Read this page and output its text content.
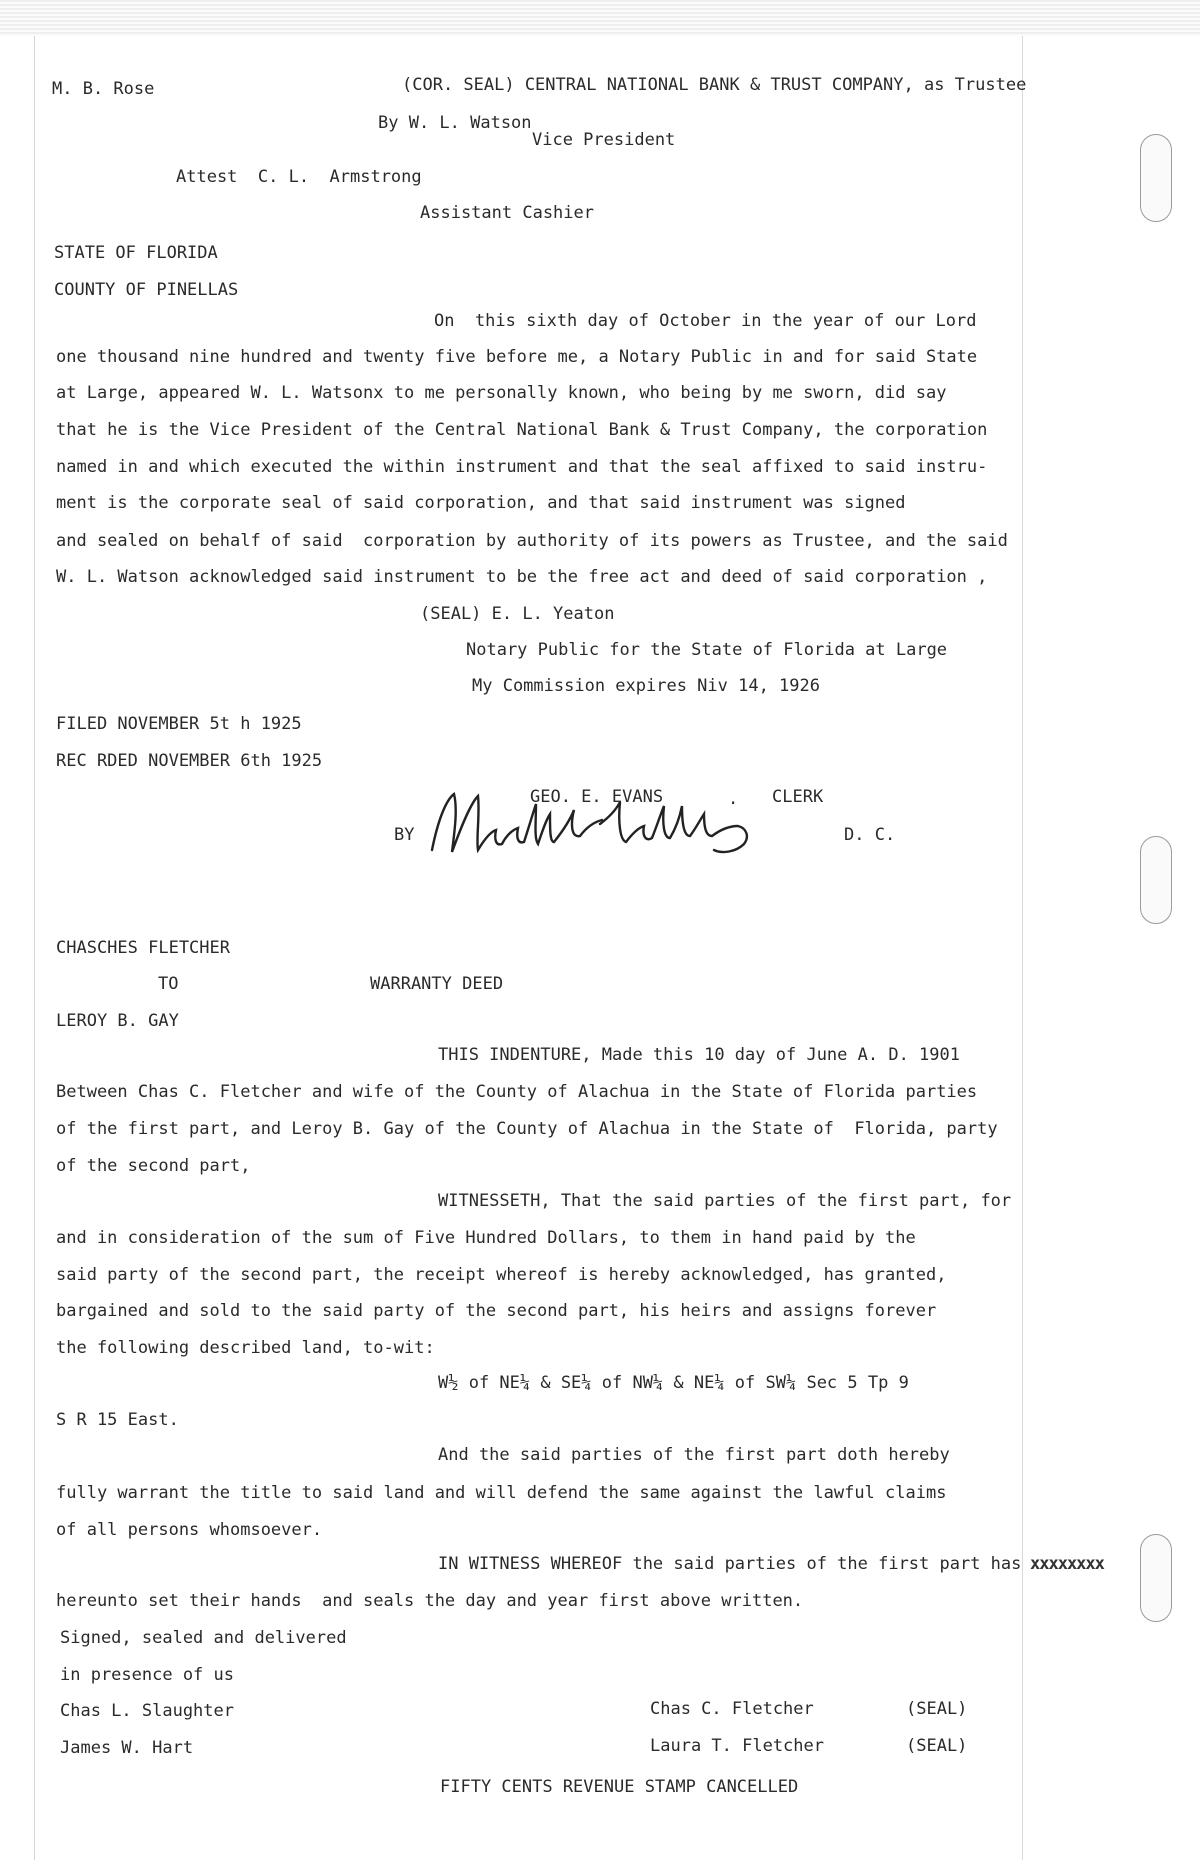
M. B. Rose	(COR. SEAL) CENTRAL NATIONAL BANK & TRUST COMPANY, as Trustee
By W. L. Watson
Vice President
Attest  C. L.  Armstrong
Assistant Cashier
STATE OF FLORIDA
COUNTY OF PINELLAS
On  this sixth day of October in the year of our Lord
one thousand nine hundred and twenty five before me, a Notary Public in and for said State
at Large, appeared W. L. Watsonx to me personally known, who being by me sworn, did say
that he is the Vice President of the Central National Bank & Trust Company, the corporation
named in and which executed the within instrument and that the seal affixed to said instru-
ment is the corporate seal of said corporation, and that said instrument was signed
and sealed on behalf of said  corporation by authority of its powers as Trustee, and the said
W. L. Watson acknowledged said instrument to be the free act and deed of said corporation ,
(SEAL) E. L. Yeaton
Notary Public for the State of Florida at Large
My Commission expires Niv 14, 1926
FILED NOVEMBER 5t h 1925
REC RDED NOVEMBER 6th 1925
GEO. E. EVANS	. CLERK
BY	D. C.
CHASCHES FLETCHER
TO	WARRANTY DEED
LEROY B. GAY
THIS INDENTURE, Made this 10 day of June A. D. 1901
Between Chas C. Fletcher and wife of the County of Alachua in the State of Florida parties
of the first part, and Leroy B. Gay of the County of Alachua in the State of  Florida, party
of the second part,
WITNESSETH, That the said parties of the first part, for
and in consideration of the sum of Five Hundred Dollars, to them in hand paid by the
said party of the second part, the receipt whereof is hereby acknowledged, has granted,
bargained and sold to the said party of the second part, his heirs and assigns forever
the following described land, to-wit:
W½ of NE¼ & SE¼ of NW¼ & NE¼ of SW¼ Sec 5 Tp 9
S R 15 East.
And the said parties of the first part doth hereby
fully warrant the title to said land and will defend the same against the lawful claims
of all persons whomsoever.
IN WITNESS WHEREOF the said parties of the first part has xxxxxxxx
hereunto set their hands  and seals the day and year first above written.
Signed, sealed and delivered
in presence of us
Chas L. Slaughter	Chas C. Fletcher	(SEAL)
James W. Hart	Laura T. Fletcher	(SEAL)
FIFTY CENTS REVENUE STAMP CANCELLED
